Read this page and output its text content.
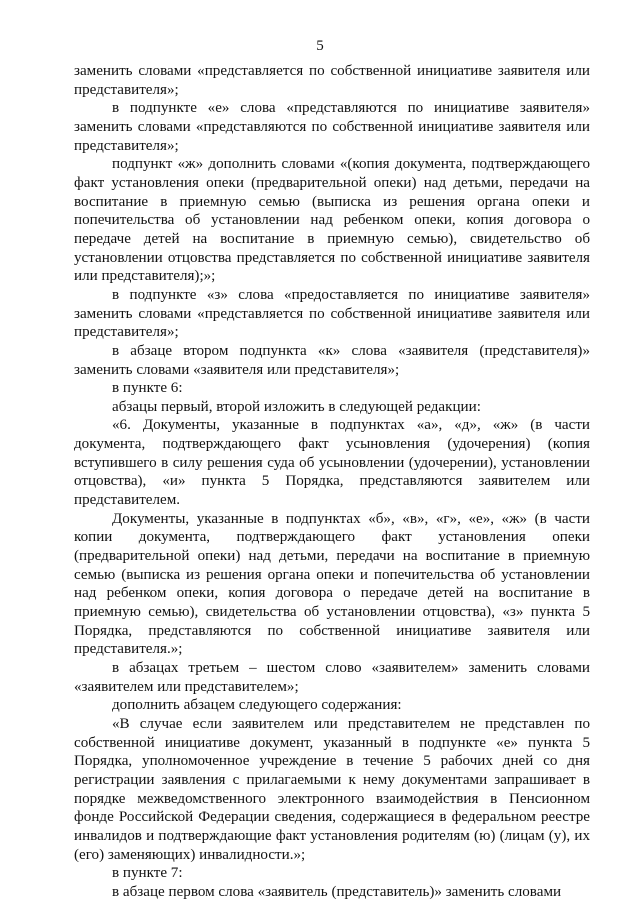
5

заменить словами «представляется по собственной инициативе заявителя или представителя»;

в подпункте «е» слова «представляются по инициативе заявителя» заменить словами «представляются по собственной инициативе заявителя или представителя»;

подпункт «ж» дополнить словами «(копия документа, подтверждающего факт установления опеки (предварительной опеки) над детьми, передачи на воспитание в приемную семью (выписка из решения органа опеки и попечительства об установлении над ребенком опеки, копия договора о передаче детей на воспитание в приемную семью), свидетельство об установлении отцовства представляется по собственной инициативе заявителя или представителя);»;

в подпункте «з» слова «предоставляется по инициативе заявителя» заменить словами «представляется по собственной инициативе заявителя или представителя»;

в абзаце втором подпункта «к» слова «заявителя (представителя)» заменить словами «заявителя или представителя»;

в пункте 6:

абзацы первый, второй изложить в следующей редакции:

«6. Документы, указанные в подпунктах «а», «д», «ж» (в части документа, подтверждающего факт усыновления (удочерения) (копия вступившего в силу решения суда об усыновлении (удочерении), установлении отцовства), «и» пункта 5 Порядка, представляются заявителем или представителем.

Документы, указанные в подпунктах «б», «в», «г», «е», «ж» (в части копии документа, подтверждающего факт установления опеки (предварительной опеки) над детьми, передачи на воспитание в приемную семью (выписка из решения органа опеки и попечительства об установлении над ребенком опеки, копия договора о передаче детей на воспитание в приемную семью), свидетельства об установлении отцовства), «з» пункта 5 Порядка, представляются по собственной инициативе заявителя или представителя.»;

в абзацах третьем – шестом слово «заявителем» заменить словами «заявителем или представителем»;

дополнить абзацем следующего содержания:

«В случае если заявителем или представителем не представлен по собственной инициативе документ, указанный в подпункте «е» пункта 5 Порядка, уполномоченное учреждение в течение 5 рабочих дней со дня регистрации заявления с прилагаемыми к нему документами запрашивает в порядке межведомственного электронного взаимодействия в Пенсионном фонде Российской Федерации сведения, содержащиеся в федеральном реестре инвалидов и подтверждающие факт установления родителям (ю) (лицам (у), их (его) заменяющих) инвалидности.»;

в пункте 7:

в абзаце первом слова «заявитель (представитель)» заменить словами
